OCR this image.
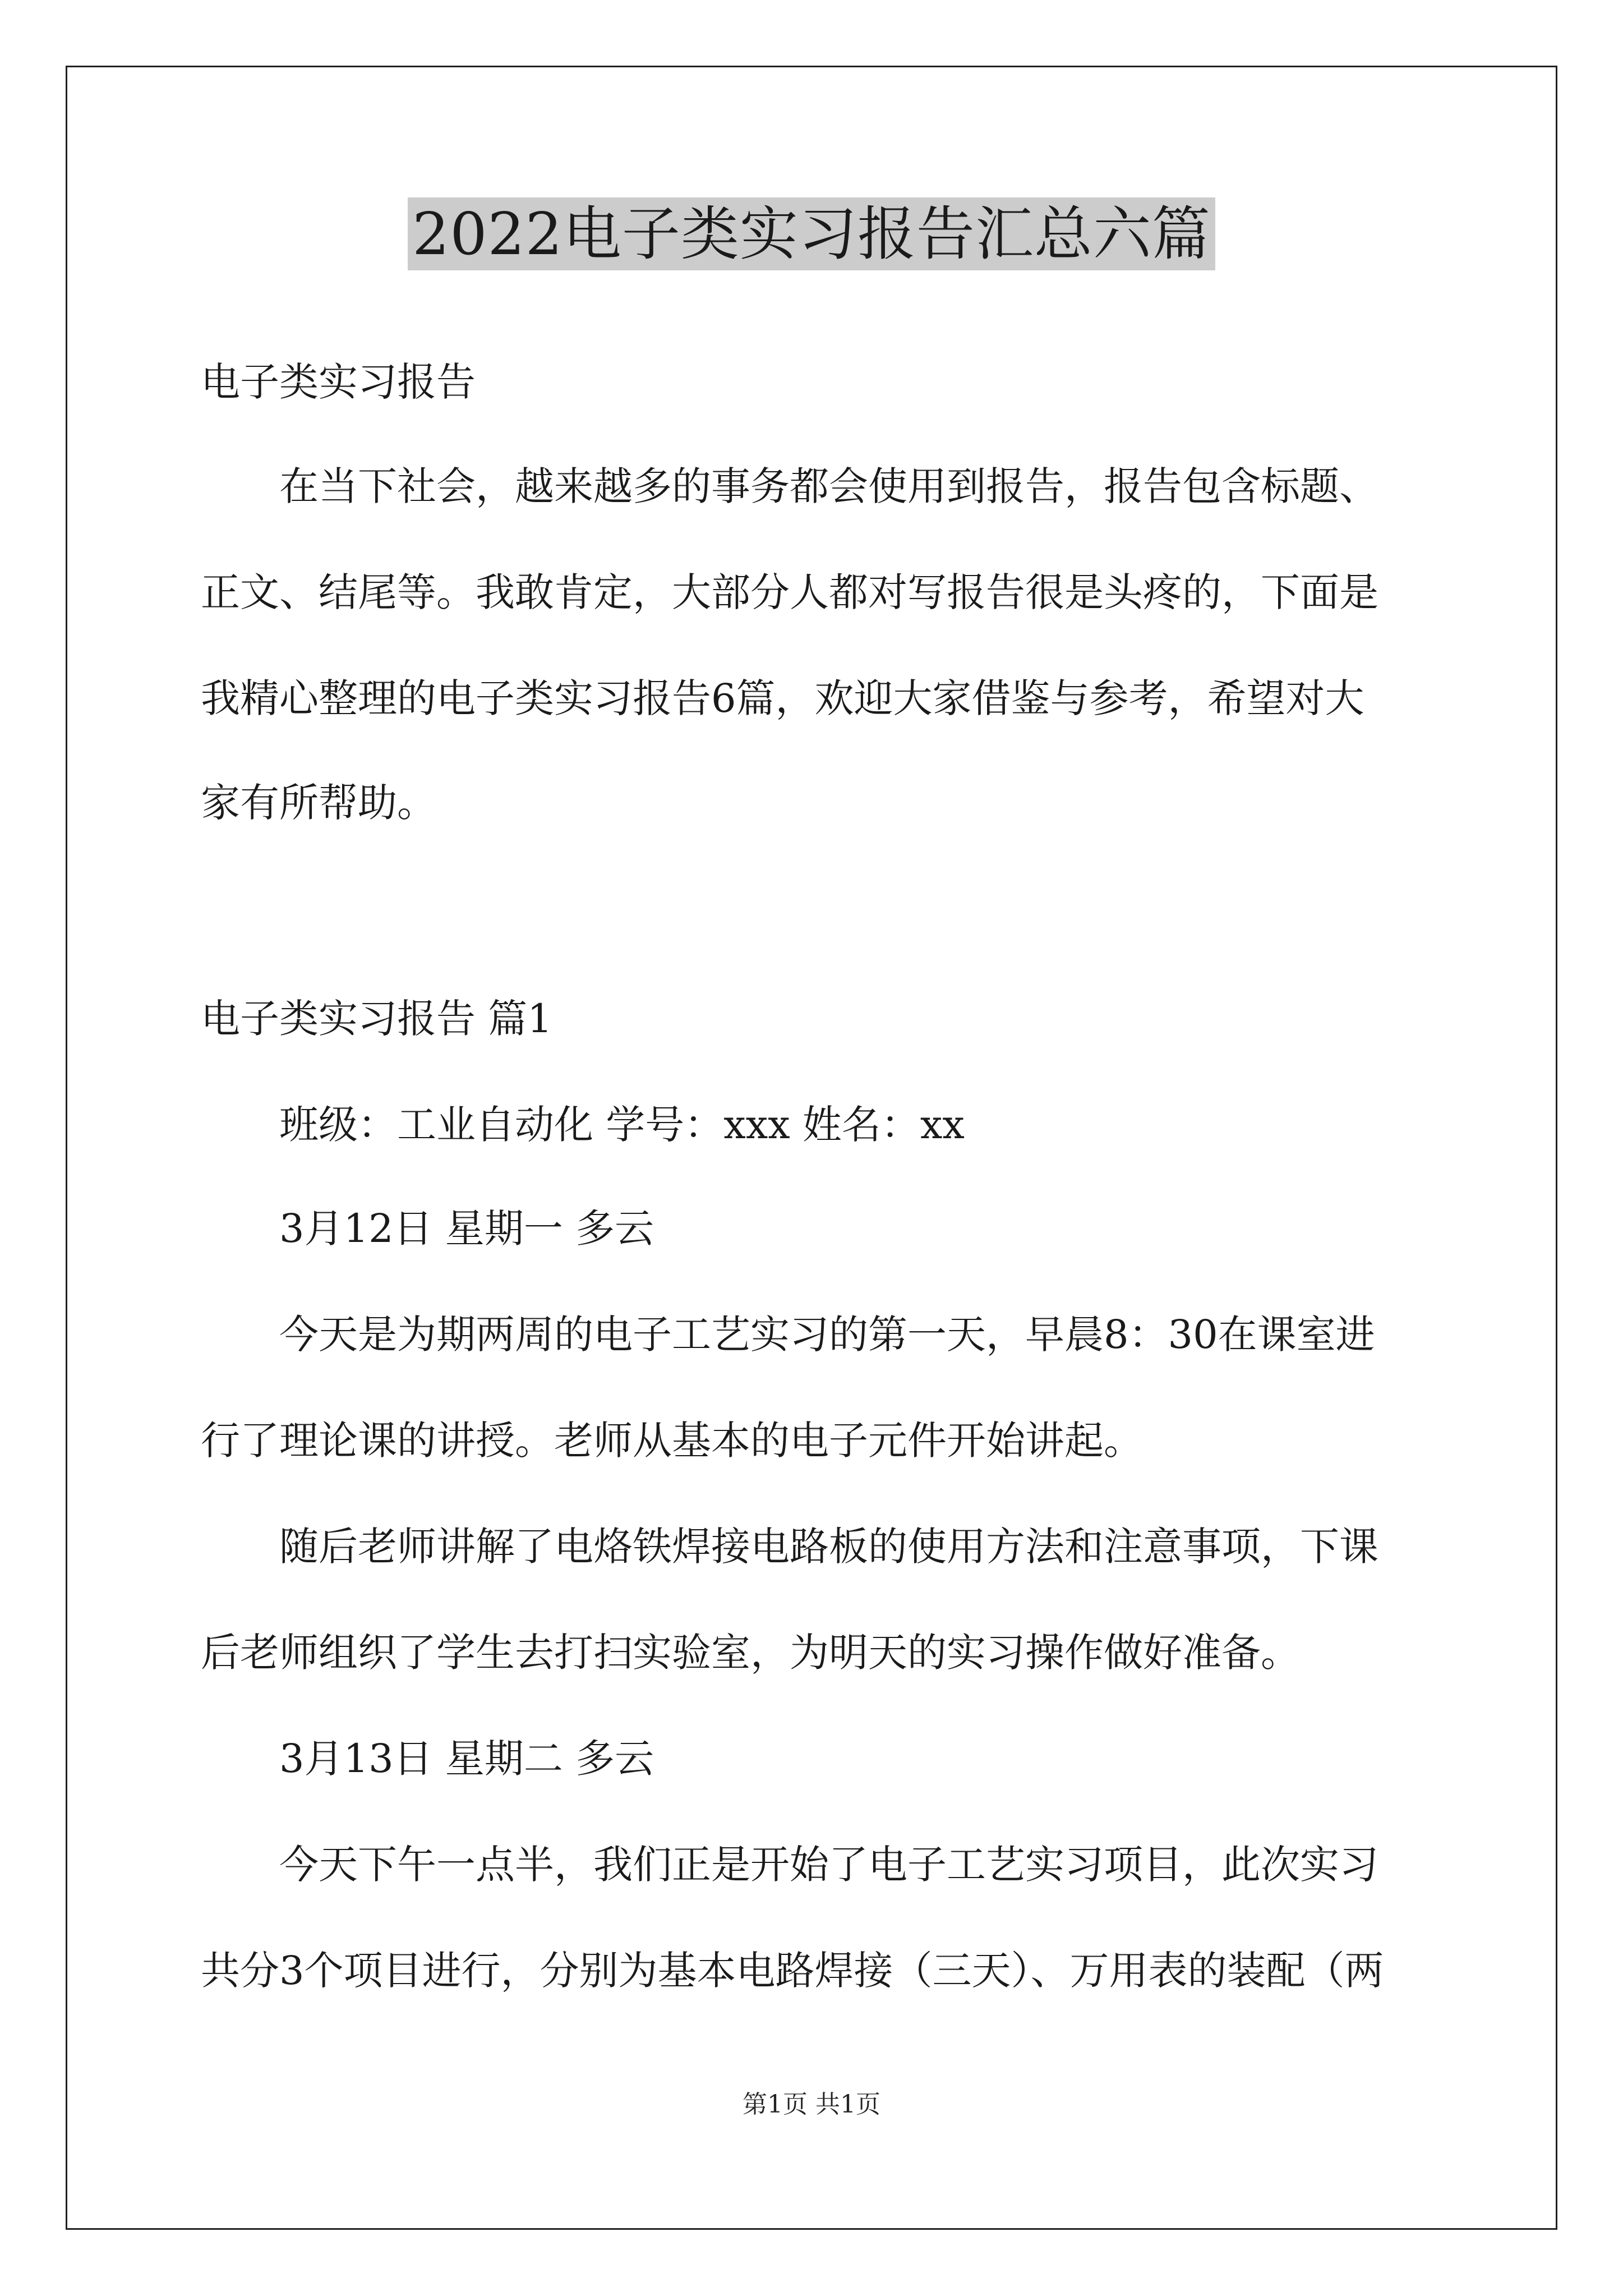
2022电子类实习报告汇总六篇
电子类实习报告
在当下社会，越来越多的事务都会使用到报告，报告包含标题、
正文、结尾等。我敢肯定，大部分人都对写报告很是头疼的，下面是
我精心整理的电子类实习报告6篇，欢迎大家借鉴与参考，希望对大
家有所帮助。
电子类实习报告 篇1
班级：工业自动化 学号：xxx 姓名：xx
3月12日 星期一 多云
今天是为期两周的电子工艺实习的第一天，早晨8：30在课室进
行了理论课的讲授。老师从基本的电子元件开始讲起。
随后老师讲解了电烙铁焊接电路板的使用方法和注意事项，下课
后老师组织了学生去打扫实验室，为明天的实习操作做好准备。
3月13日 星期二 多云
今天下午一点半，我们正是开始了电子工艺实习项目，此次实习
共分3个项目进行，分别为基本电路焊接（三天）、万用表的装配（两
第1页 共1页
